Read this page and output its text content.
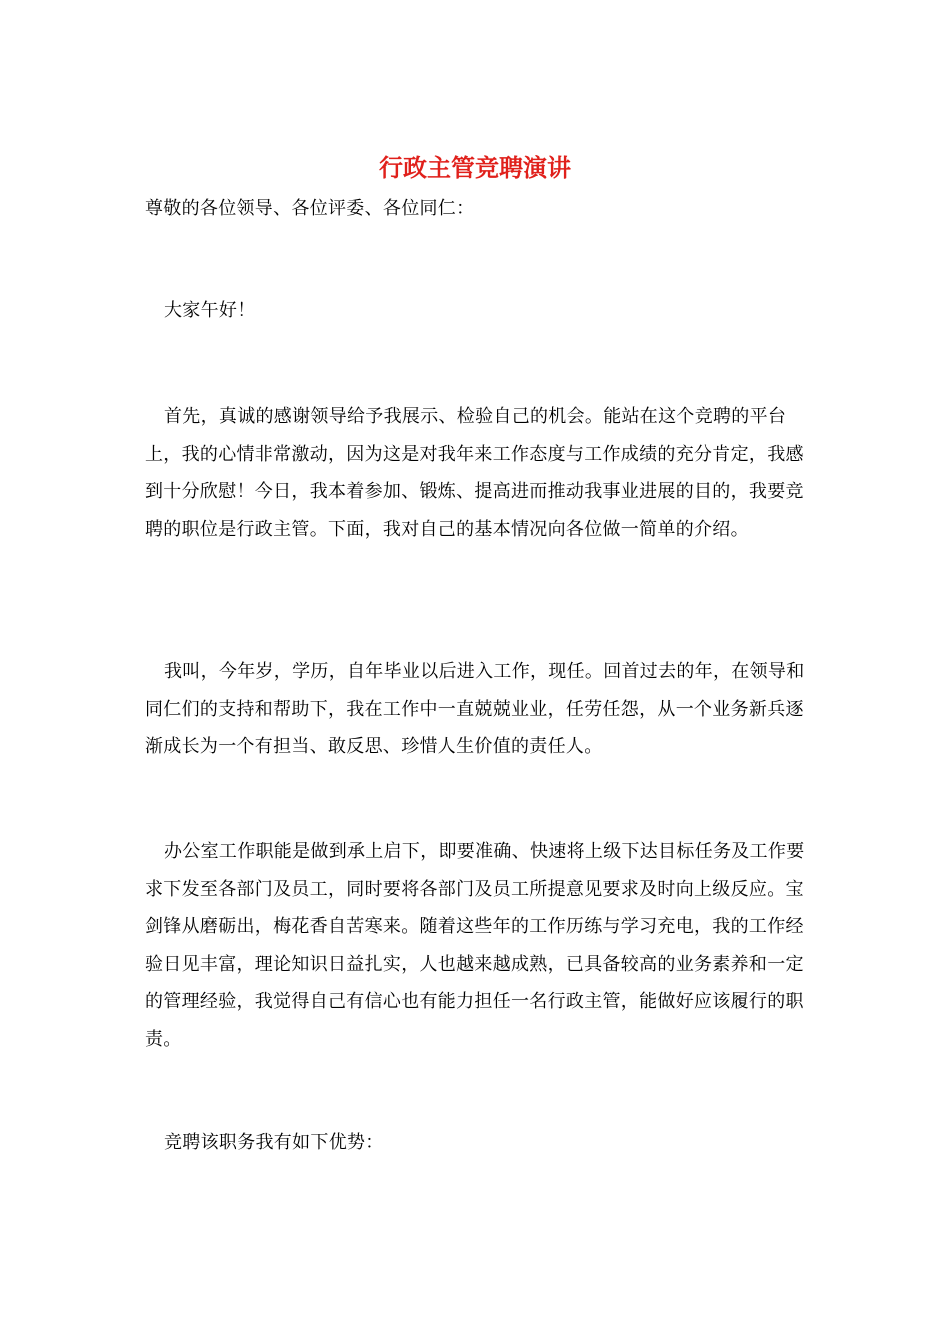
行政主管竞聘演讲

尊敬的各位领导、各位评委、各位同仁：

大家午好！

首先，真诚的感谢领导给予我展示、检验自己的机会。能站在这个竞聘的平台上，我的心情非常激动，因为这是对我年来工作态度与工作成绩的充分肯定，我感到十分欣慰！今日，我本着参加、锻炼、提高进而推动我事业进展的目的，我要竞聘的职位是行政主管。下面，我对自己的基本情况向各位做一简单的介绍。

我叫，今年岁，学历，自年毕业以后进入工作，现任。回首过去的年，在领导和同仁们的支持和帮助下，我在工作中一直兢兢业业，任劳任怨，从一个业务新兵逐渐成长为一个有担当、敢反思、珍惜人生价值的责任人。

办公室工作职能是做到承上启下，即要准确、快速将上级下达目标任务及工作要求下发至各部门及员工，同时要将各部门及员工所提意见要求及时向上级反应。宝剑锋从磨砺出，梅花香自苦寒来。随着这些年的工作历练与学习充电，我的工作经验日见丰富，理论知识日益扎实，人也越来越成熟，已具备较高的业务素养和一定的管理经验，我觉得自己有信心也有能力担任一名行政主管，能做好应该履行的职责。

竞聘该职务我有如下优势：
